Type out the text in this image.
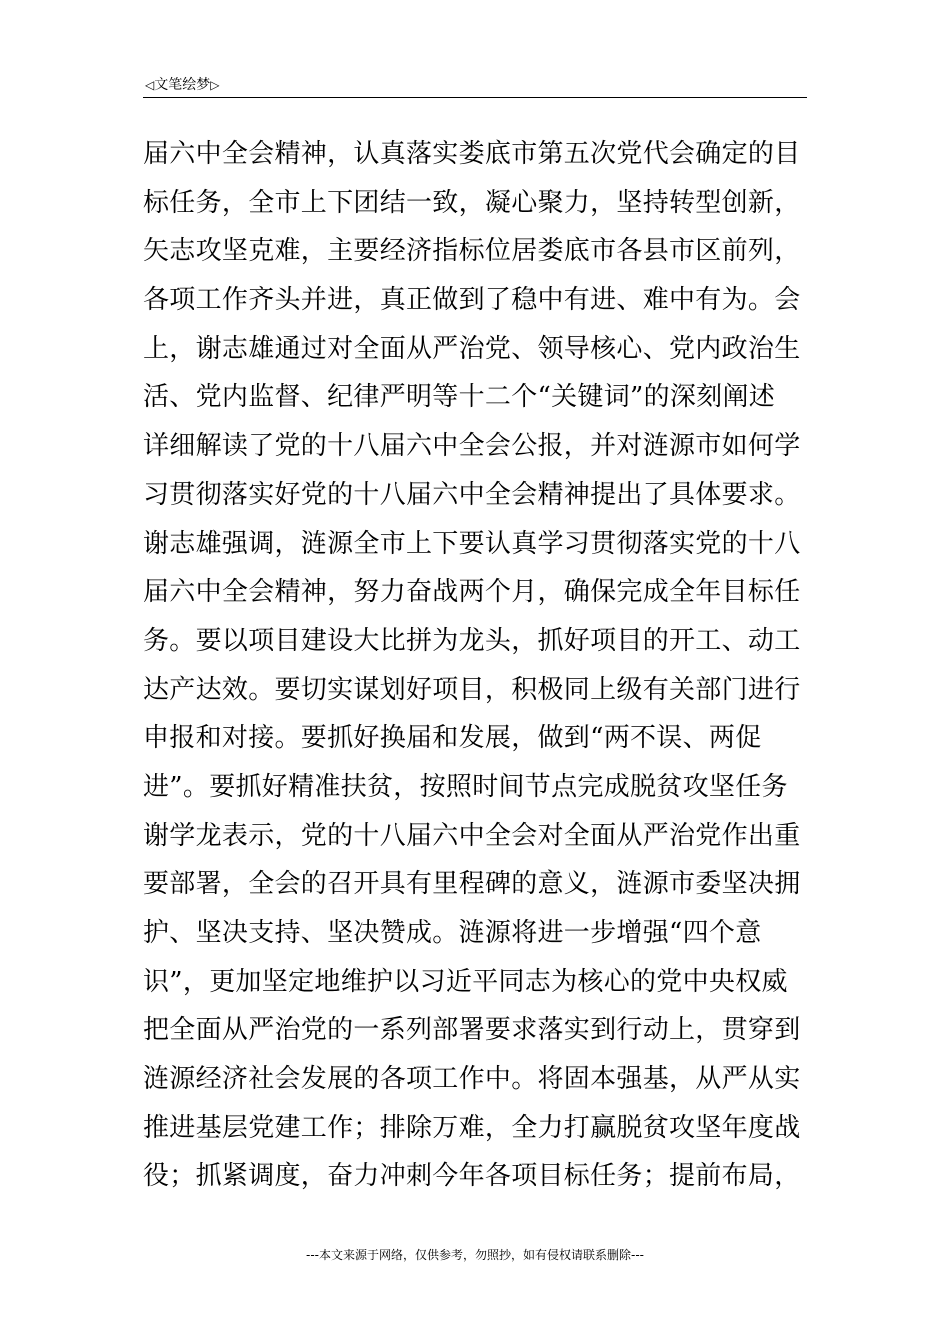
◁文笔绘梦▷
届六中全会精神，认真落实娄底市第五次党代会确定的目
标任务，全市上下团结一致，凝心聚力，坚持转型创新，
矢志攻坚克难，主要经济指标位居娄底市各县市区前列，
各项工作齐头并进，真正做到了稳中有进、难中有为。会
上，谢志雄通过对全面从严治党、领导核心、党内政治生
活、党内监督、纪律严明等十二个“关键词”的深刻阐述
详细解读了党的十八届六中全会公报，并对涟源市如何学
习贯彻落实好党的十八届六中全会精神提出了具体要求。
谢志雄强调，涟源全市上下要认真学习贯彻落实党的十八
届六中全会精神，努力奋战两个月，确保完成全年目标任
务。要以项目建设大比拼为龙头，抓好项目的开工、动工
达产达效。要切实谋划好项目，积极同上级有关部门进行
申报和对接。要抓好换届和发展，做到“两不误、两促
进”。要抓好精准扶贫，按照时间节点完成脱贫攻坚任务
谢学龙表示，党的十八届六中全会对全面从严治党作出重
要部署，全会的召开具有里程碑的意义，涟源市委坚决拥
护、坚决支持、坚决赞成。涟源将进一步增强“四个意
识”，更加坚定地维护以习近平同志为核心的党中央权威
把全面从严治党的一系列部署要求落实到行动上，贯穿到
涟源经济社会发展的各项工作中。将固本强基，从严从实
推进基层党建工作；排除万难，全力打赢脱贫攻坚年度战
役；抓紧调度，奋力冲刺今年各项目标任务；提前布局，
---本文来源于网络，仅供参考，勿照抄，如有侵权请联系删除---
